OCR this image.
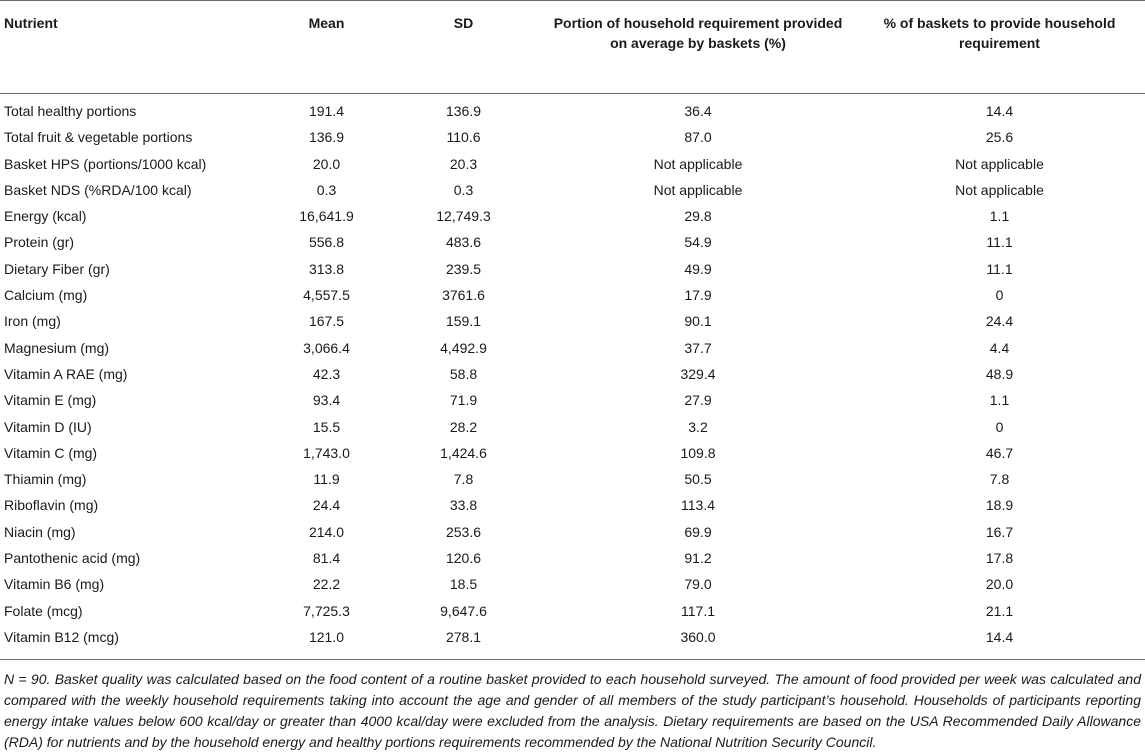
Nutrient	Mean	SD	Portion of household requirement provided on average by baskets (%)	% of baskets to provide household requirement
Total healthy portions	191.4	136.9	36.4	14.4
Total fruit & vegetable portions	136.9	110.6	87.0	25.6
Basket HPS (portions/1000 kcal)	20.0	20.3	Not applicable	Not applicable
Basket NDS (%RDA/100 kcal)	0.3	0.3	Not applicable	Not applicable
Energy (kcal)	16,641.9	12,749.3	29.8	1.1
Protein (gr)	556.8	483.6	54.9	11.1
Dietary Fiber (gr)	313.8	239.5	49.9	11.1
Calcium (mg)	4,557.5	3761.6	17.9	0
Iron (mg)	167.5	159.1	90.1	24.4
Magnesium (mg)	3,066.4	4,492.9	37.7	4.4
Vitamin A RAE (mg)	42.3	58.8	329.4	48.9
Vitamin E (mg)	93.4	71.9	27.9	1.1
Vitamin D (IU)	15.5	28.2	3.2	0
Vitamin C (mg)	1,743.0	1,424.6	109.8	46.7
Thiamin (mg)	11.9	7.8	50.5	7.8
Riboflavin (mg)	24.4	33.8	113.4	18.9
Niacin (mg)	214.0	253.6	69.9	16.7
Pantothenic acid (mg)	81.4	120.6	91.2	17.8
Vitamin B6 (mg)	22.2	18.5	79.0	20.0
Folate (mcg)	7,725.3	9,647.6	117.1	21.1
Vitamin B12 (mcg)	121.0	278.1	360.0	14.4

N = 90. Basket quality was calculated based on the food content of a routine basket provided to each household surveyed. The amount of food provided per week was calculated and compared with the weekly household requirements taking into account the age and gender of all members of the study participant’s household. Households of participants reporting energy intake values below 600 kcal/day or greater than 4000 kcal/day were excluded from the analysis. Dietary requirements are based on the USA Recommended Daily Allowance (RDA) for nutrients and by the household energy and healthy portions requirements recommended by the National Nutrition Security Council.
